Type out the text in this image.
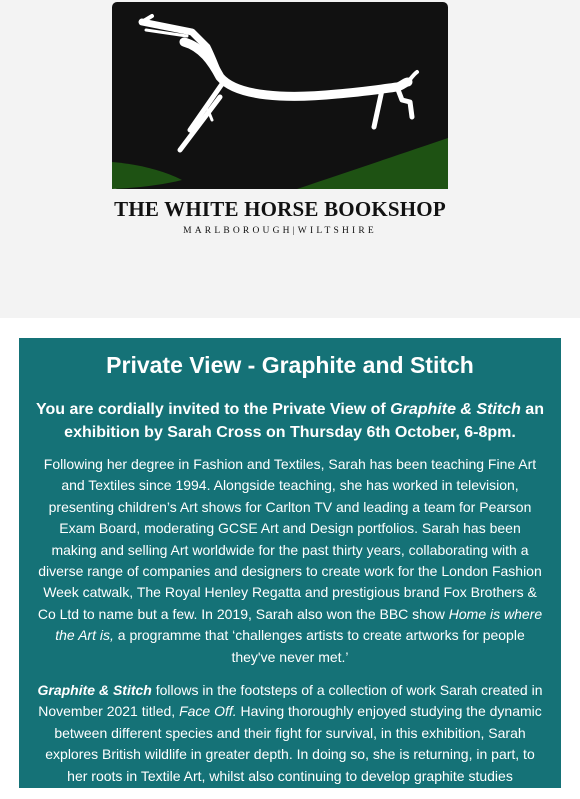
THE WHITE HORSE BOOKSHOP
MARLBOROUGH|WILTSHIRE
Private View - Graphite and Stitch
You are cordially invited to the Private View of Graphite & Stitch an exhibition by Sarah Cross on Thursday 6th October, 6-8pm.

Following her degree in Fashion and Textiles, Sarah has been teaching Fine Art and Textiles since 1994. Alongside teaching, she has worked in television, presenting children’s Art shows for Carlton TV and leading a team for Pearson Exam Board, moderating GCSE Art and Design portfolios. Sarah has been making and selling Art worldwide for the past thirty years, collaborating with a diverse range of companies and designers to create work for the London Fashion Week catwalk, The Royal Henley Regatta and prestigious brand Fox Brothers & Co Ltd to name but a few. In 2019, Sarah also won the BBC show Home is where the Art is, a programme that ‘challenges artists to create artworks for people they've never met.’

Graphite & Stitch follows in the footsteps of a collection of work Sarah created in November 2021 titled, Face Off. Having thoroughly enjoyed studying the dynamic between different species and their fight for survival, in this exhibition, Sarah explores British wildlife in greater depth. In doing so, she is returning, in part, to her roots in Textile Art, whilst also continuing to develop graphite studies
